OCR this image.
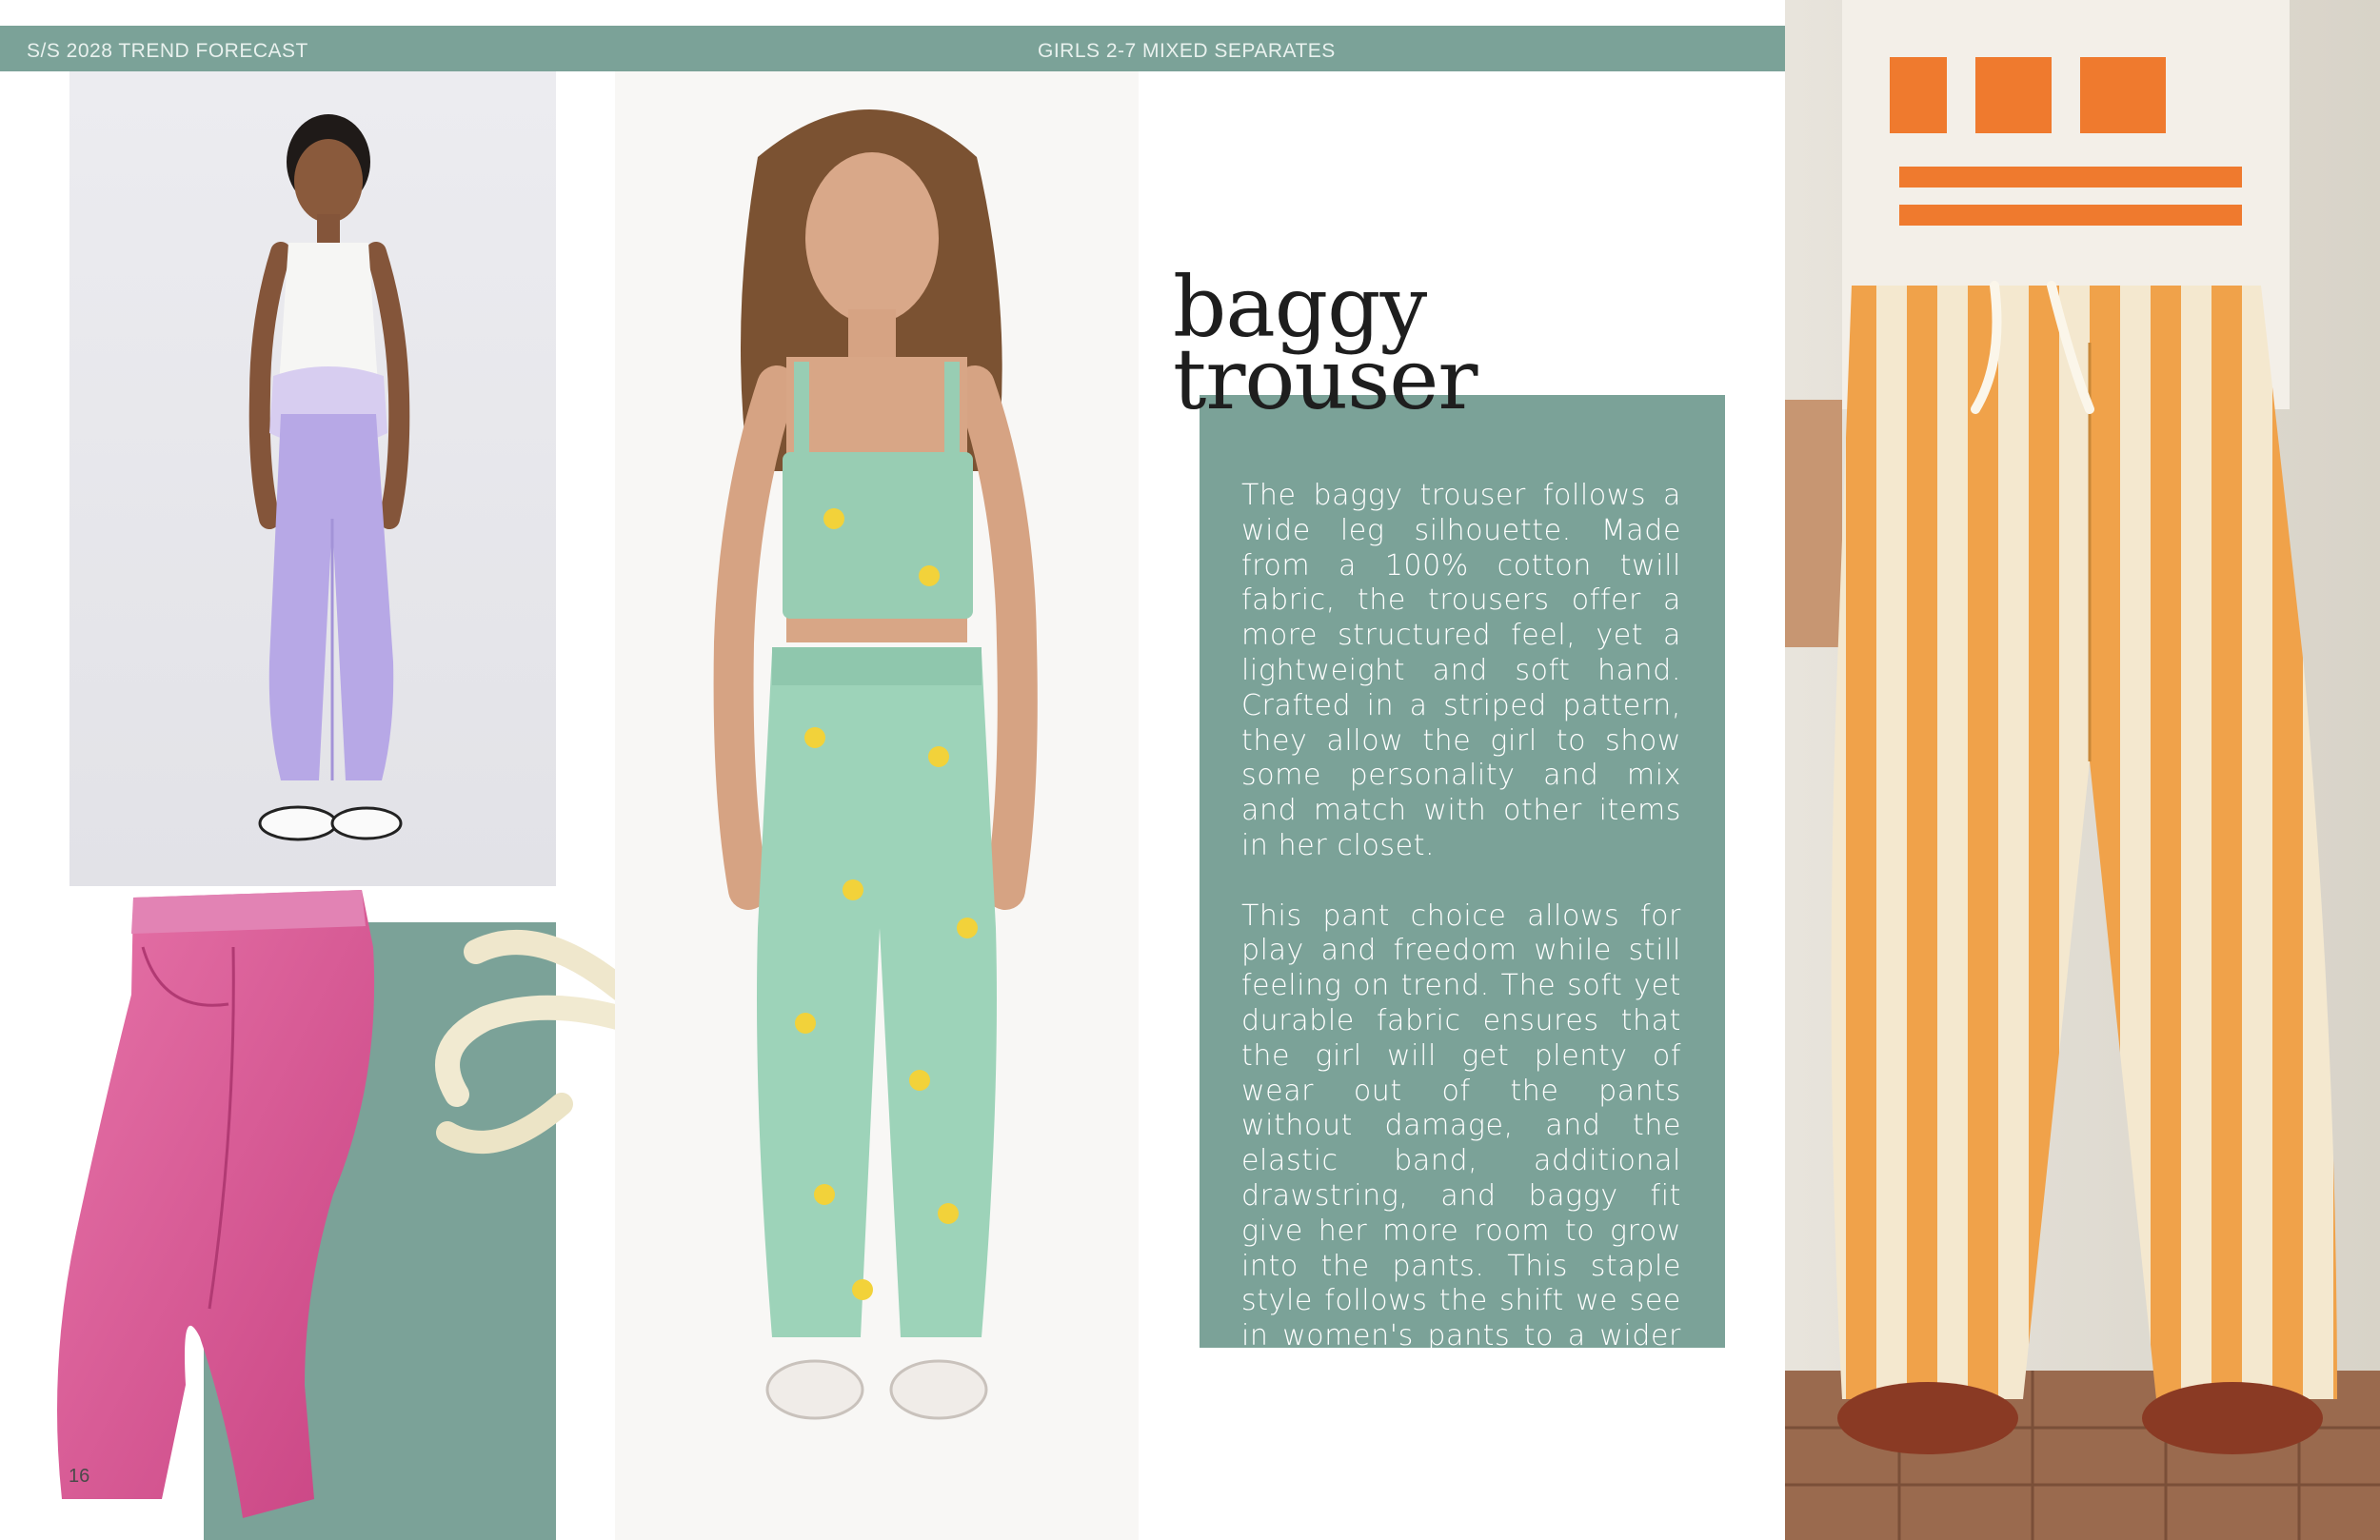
S/S 2028 TREND FORECAST	GIRLS 2-7 MIXED SEPARATES
baggy
trouser

The baggy trouser follows a wide leg silhouette. Made from a 100% cotton twill fabric, the trousers offer a more structured feel, yet a lightweight and soft hand. Crafted in a striped pattern, they allow the girl to show some personality and mix and match with other items in her closet.

This pant choice allows for play and freedom while still feeling on trend. The soft yet durable fabric ensures that the girl will get plenty of wear out of the pants without damage, and the elastic band, additional drawstring, and baggy fit give her more room to grow into the pants. This staple style follows the shift we see in women's pants to a wider fit.

16
